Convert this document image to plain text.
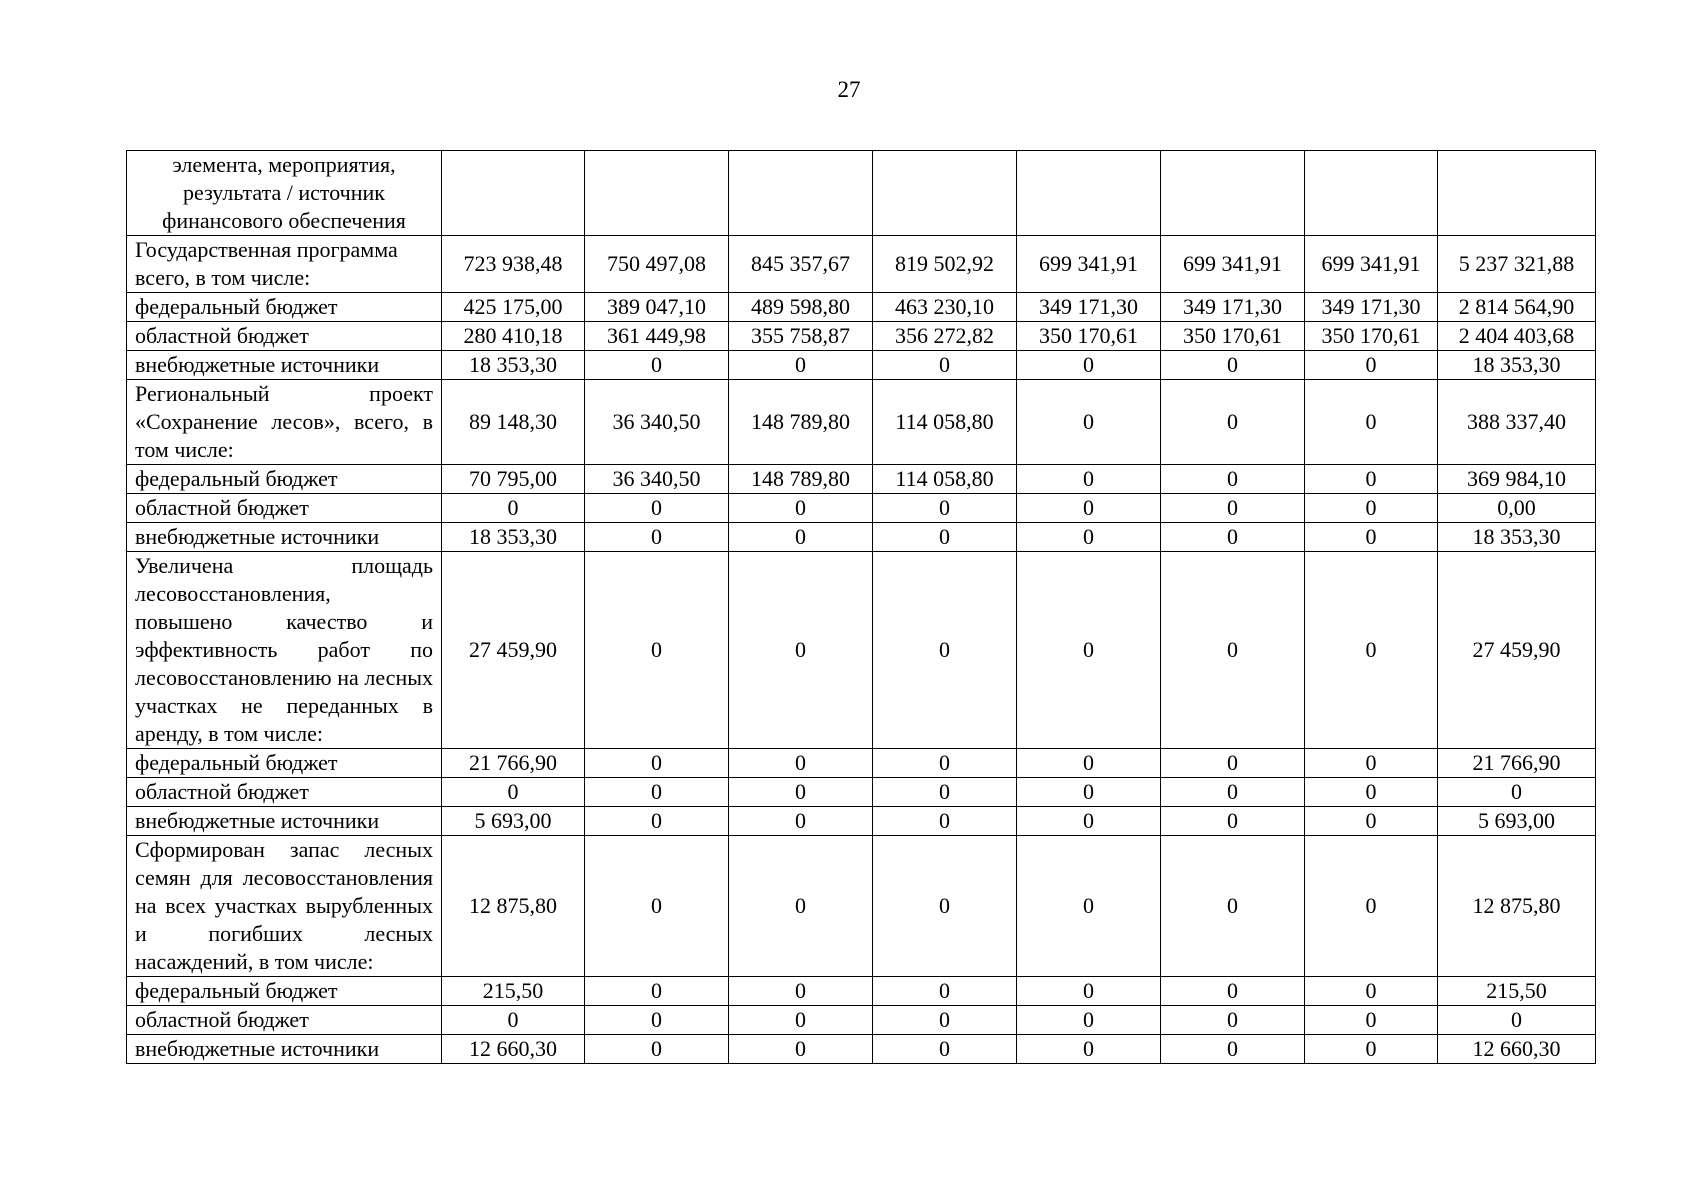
27
элемента, мероприятия, результата / источник финансового обеспечения								
Государственная программа всего, в том числе:	723 938,48	750 497,08	845 357,67	819 502,92	699 341,91	699 341,91	699 341,91	5 237 321,88
федеральный бюджет	425 175,00	389 047,10	489 598,80	463 230,10	349 171,30	349 171,30	349 171,30	2 814 564,90
областной бюджет	280 410,18	361 449,98	355 758,87	356 272,82	350 170,61	350 170,61	350 170,61	2 404 403,68
внебюджетные источники	18 353,30	0	0	0	0	0	0	18 353,30
Региональный проект «Сохранение лесов», всего, в том числе:	89 148,30	36 340,50	148 789,80	114 058,80	0	0	0	388 337,40
федеральный бюджет	70 795,00	36 340,50	148 789,80	114 058,80	0	0	0	369 984,10
областной бюджет	0	0	0	0	0	0	0	0,00
внебюджетные источники	18 353,30	0	0	0	0	0	0	18 353,30
Увеличена площадь лесовосстановления, повышено качество и эффективность работ по лесовосстановлению на лесных участках не переданных в аренду, в том числе:	27 459,90	0	0	0	0	0	0	27 459,90
федеральный бюджет	21 766,90	0	0	0	0	0	0	21 766,90
областной бюджет	0	0	0	0	0	0	0	0
внебюджетные источники	5 693,00	0	0	0	0	0	0	5 693,00
Сформирован запас лесных семян для лесовосстановления на всех участках вырубленных и погибших лесных насаждений, в том числе:	12 875,80	0	0	0	0	0	0	12 875,80
федеральный бюджет	215,50	0	0	0	0	0	0	215,50
областной бюджет	0	0	0	0	0	0	0	0
внебюджетные источники	12 660,30	0	0	0	0	0	0	12 660,30
